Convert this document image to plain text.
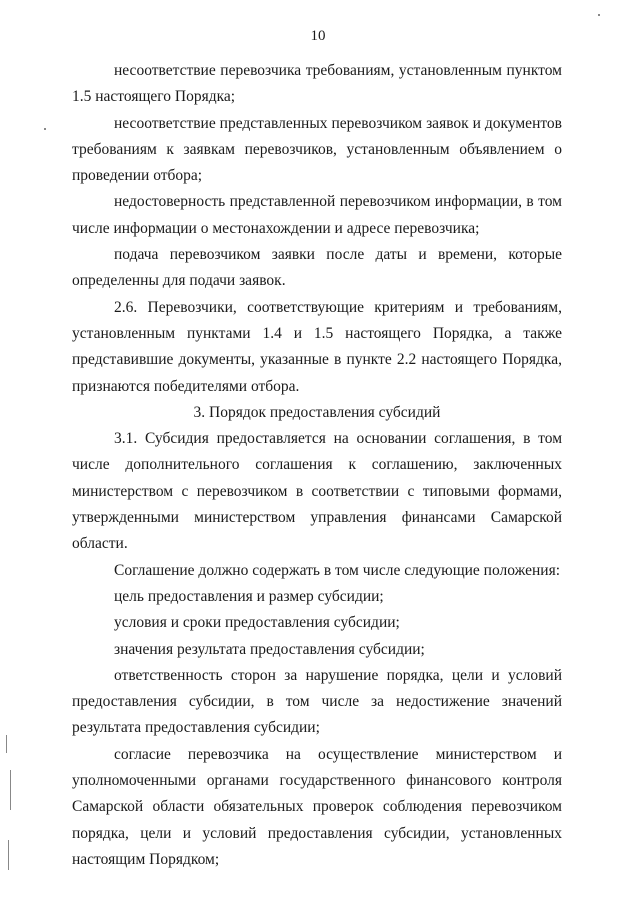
10

несоответствие перевозчика требованиям, установленным пунктом 1.5 настоящего Порядка;

несоответствие представленных перевозчиком заявок и документов требованиям к заявкам перевозчиков, установленным объявлением о проведении отбора;

недостоверность представленной перевозчиком информации, в том числе информации о местонахождении и адресе перевозчика;

подача перевозчиком заявки после даты и времени, которые определенны для подачи заявок.

2.6. Перевозчики, соответствующие критериям и требованиям, установленным пунктами 1.4 и 1.5 настоящего Порядка, а также представившие документы, указанные в пункте 2.2 настоящего Порядка, признаются победителями отбора.

3. Порядок предоставления субсидий

3.1. Субсидия предоставляется на основании соглашения, в том числе дополнительного соглашения к соглашению, заключенных министерством с перевозчиком в соответствии с типовыми формами, утвержденными министерством управления финансами Самарской области.

Соглашение должно содержать в том числе следующие положения:

цель предоставления и размер субсидии;

условия и сроки предоставления субсидии;

значения результата предоставления субсидии;

ответственность сторон за нарушение порядка, цели и условий предоставления субсидии, в том числе за недостижение значений результата предоставления субсидии;

согласие перевозчика на осуществление министерством и уполномоченными органами государственного финансового контроля Самарской области обязательных проверок соблюдения перевозчиком порядка, цели и условий предоставления субсидии, установленных настоящим Порядком;
